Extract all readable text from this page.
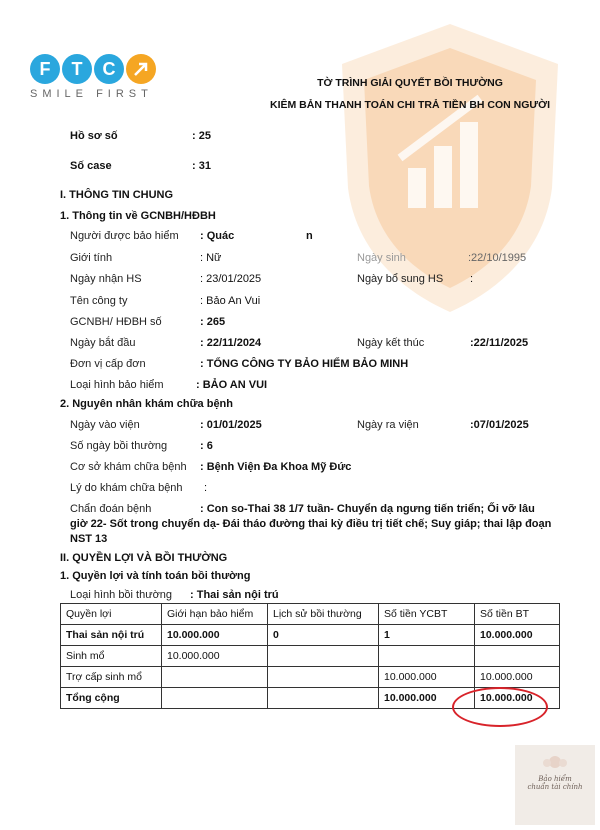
F	T	C
SMILE FIRST
TỜ TRÌNH GIẢI QUYẾT BỒI THƯỜNG
KIÊM BẢN THANH TOÁN CHI TRẢ TIỀN BH CON NGƯỜI
Hồ sơ số	: 25
Số case	: 31
I. THÔNG TIN CHUNG
1. Thông tin về GCNBH/HĐBH
Người được bảo hiểm : Quác	n
Giới tính	: Nữ	Ngày sinh	:22/10/1995
Ngày nhận HS	: 23/01/2025	Ngày bổ sung HS :
Tên công ty	: Bảo An Vui
GCNBH/ HĐBH số	: 265
Ngày bắt đầu	: 22/11/2024	Ngày kết thúc	:22/11/2025
Đơn vị cấp đơn	: TỔNG CÔNG TY BẢO HIỂM BẢO MINH
Loại hình bảo hiểm	: BẢO AN VUI
2. Nguyên nhân khám chữa bệnh
Ngày vào viện	: 01/01/2025	Ngày ra viện	:07/01/2025
Số ngày bồi thường	: 6
Cơ sở khám chữa bệnh : Bệnh Viện Đa Khoa Mỹ Đức
Lý do khám chữa bệnh :
Chẩn đoán bệnh	: Con so-Thai 38 1/7 tuần- Chuyển dạ ngưng tiến triển; Ối vỡ lâu
giờ 22- Sốt trong chuyển dạ- Đái tháo đường thai kỳ điều trị tiết chế; Suy giáp; thai lập đoạn
NST 13
II. QUYỀN LỢI VÀ BỒI THƯỜNG
1. Quyền lợi và tính toán bồi thường
Loại hình bồi thường : Thai sản nội trú
Quyền lợi	Giới hạn bảo hiểm	Lịch sử bồi thường	Số tiền YCBT	Số tiền BT
Thai sản nội trú	10.000.000	0	1	10.000.000
Sinh mổ	10.000.000			
Trợ cấp sinh mổ			10.000.000	10.000.000
Tổng cộng			10.000.000	10.000.000
Bảo hiểm
chuẩn tài chính
